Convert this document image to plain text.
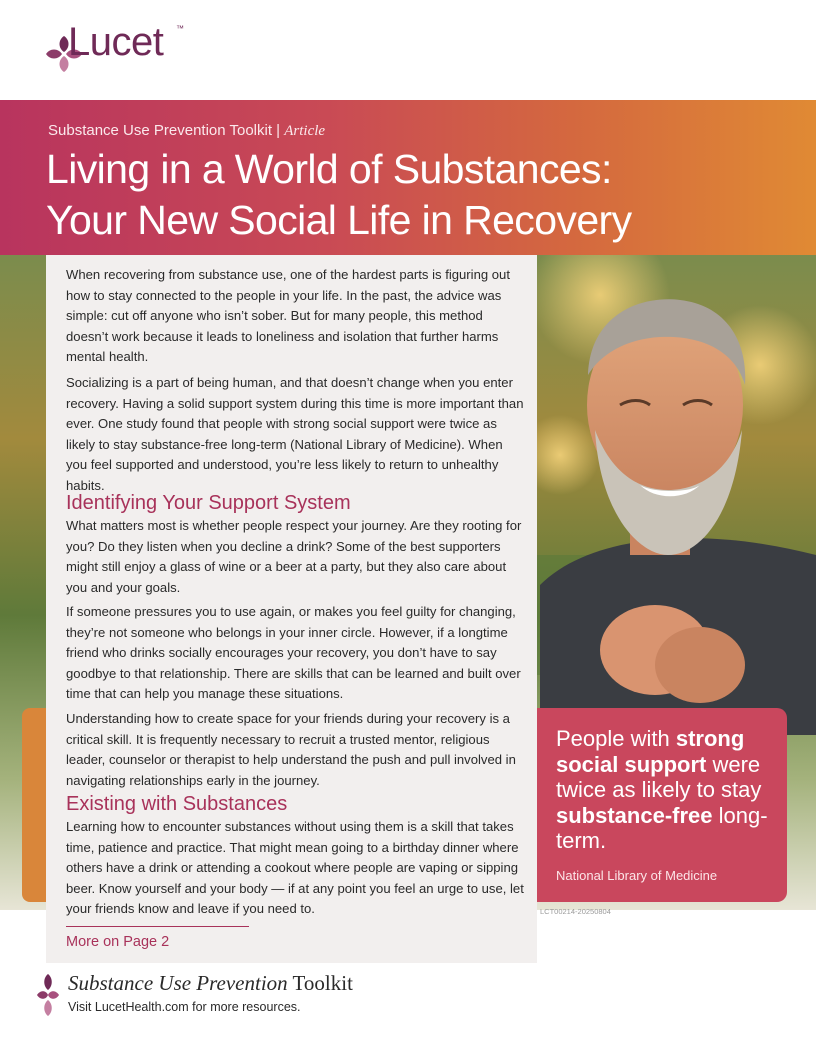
Lucet ™
Substance Use Prevention Toolkit | Article
Living in a World of Substances:
Your New Social Life in Recovery

When recovering from substance use, one of the hardest parts is figuring out how to stay connected to the people in your life. In the past, the advice was simple: cut off anyone who isn’t sober. But for many people, this method doesn’t work because it leads to loneliness and isolation that further harms mental health.

Socializing is a part of being human, and that doesn’t change when you enter recovery. Having a solid support system during this time is more important than ever. One study found that people with strong social support were twice as likely to stay substance-free long-term (National Library of Medicine). When you feel supported and understood, you’re less likely to return to unhealthy habits.

Identifying Your Support System

What matters most is whether people respect your journey. Are they rooting for you? Do they listen when you decline a drink? Some of the best supporters might still enjoy a glass of wine or a beer at a party, but they also care about you and your goals.

If someone pressures you to use again, or makes you feel guilty for changing, they’re not someone who belongs in your inner circle. However, if a longtime friend who drinks socially encourages your recovery, you don’t have to say goodbye to that relationship. There are skills that can be learned and built over time that can help you manage these situations.

Understanding how to create space for your friends during your recovery is a critical skill. It is frequently necessary to recruit a trusted mentor, religious leader, counselor or therapist to help understand the push and pull involved in navigating relationships early in the journey.

Existing with Substances

Learning how to encounter substances without using them is a skill that takes time, patience and practice. That might mean going to a birthday dinner where others have a drink or attending a cookout where people are vaping or sipping beer. Know yourself and your body — if at any point you feel an urge to use, let your friends know and leave if you need to.

More on Page 2
People with strong social support were twice as likely to stay substance-free long-term.
National Library of Medicine
LCT00214-20250804
Substance Use Prevention Toolkit
Visit LucetHealth.com for more resources.
